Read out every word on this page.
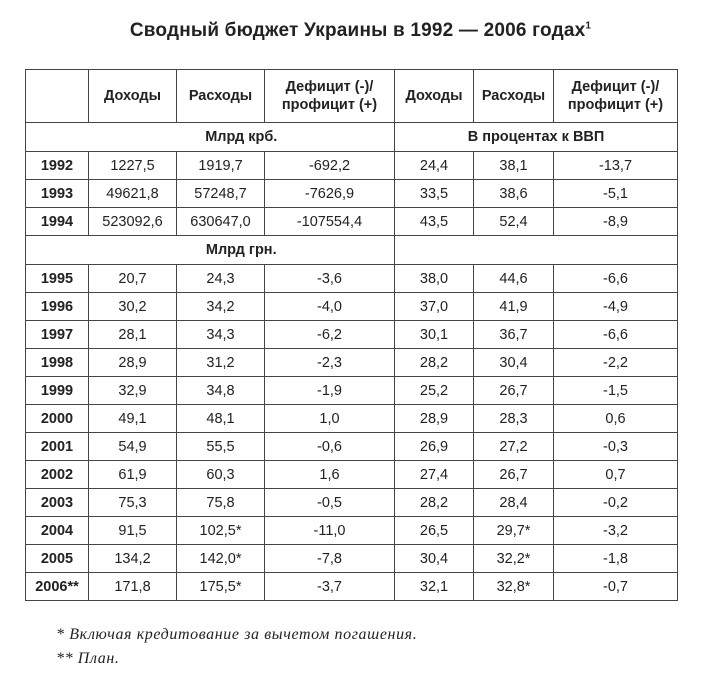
Сводный бюджет Украины в 1992 — 2006 годах$^1$
	Доходы	Расходы	Дефицит (-)/ профицит (+)	Доходы	Расходы	Дефицит (-)/ профицит (+)
	Млрд крб.			В процентах к ВВП		
1992	1227,5	1919,7	-692,2	24,4	38,1	-13,7
1993	49621,8	57248,7	-7626,9	33,5	38,6	-5,1
1994	523092,6	630647,0	-107554,4	43,5	52,4	-8,9
	Млрд грн.					
1995	20,7	24,3	-3,6	38,0	44,6	-6,6
1996	30,2	34,2	-4,0	37,0	41,9	-4,9
1997	28,1	34,3	-6,2	30,1	36,7	-6,6
1998	28,9	31,2	-2,3	28,2	30,4	-2,2
1999	32,9	34,8	-1,9	25,2	26,7	-1,5
2000	49,1	48,1	1,0	28,9	28,3	0,6
2001	54,9	55,5	-0,6	26,9	27,2	-0,3
2002	61,9	60,3	1,6	27,4	26,7	0,7
2003	75,3	75,8	-0,5	28,2	28,4	-0,2
2004	91,5	102,5*	-11,0	26,5	29,7*	-3,2
2005	134,2	142,0*	-7,8	30,4	32,2*	-1,8
2006**	171,8	175,5*	-3,7	32,1	32,8*	-0,7
* Включая кредитование за вычетом погашения.
** План.
